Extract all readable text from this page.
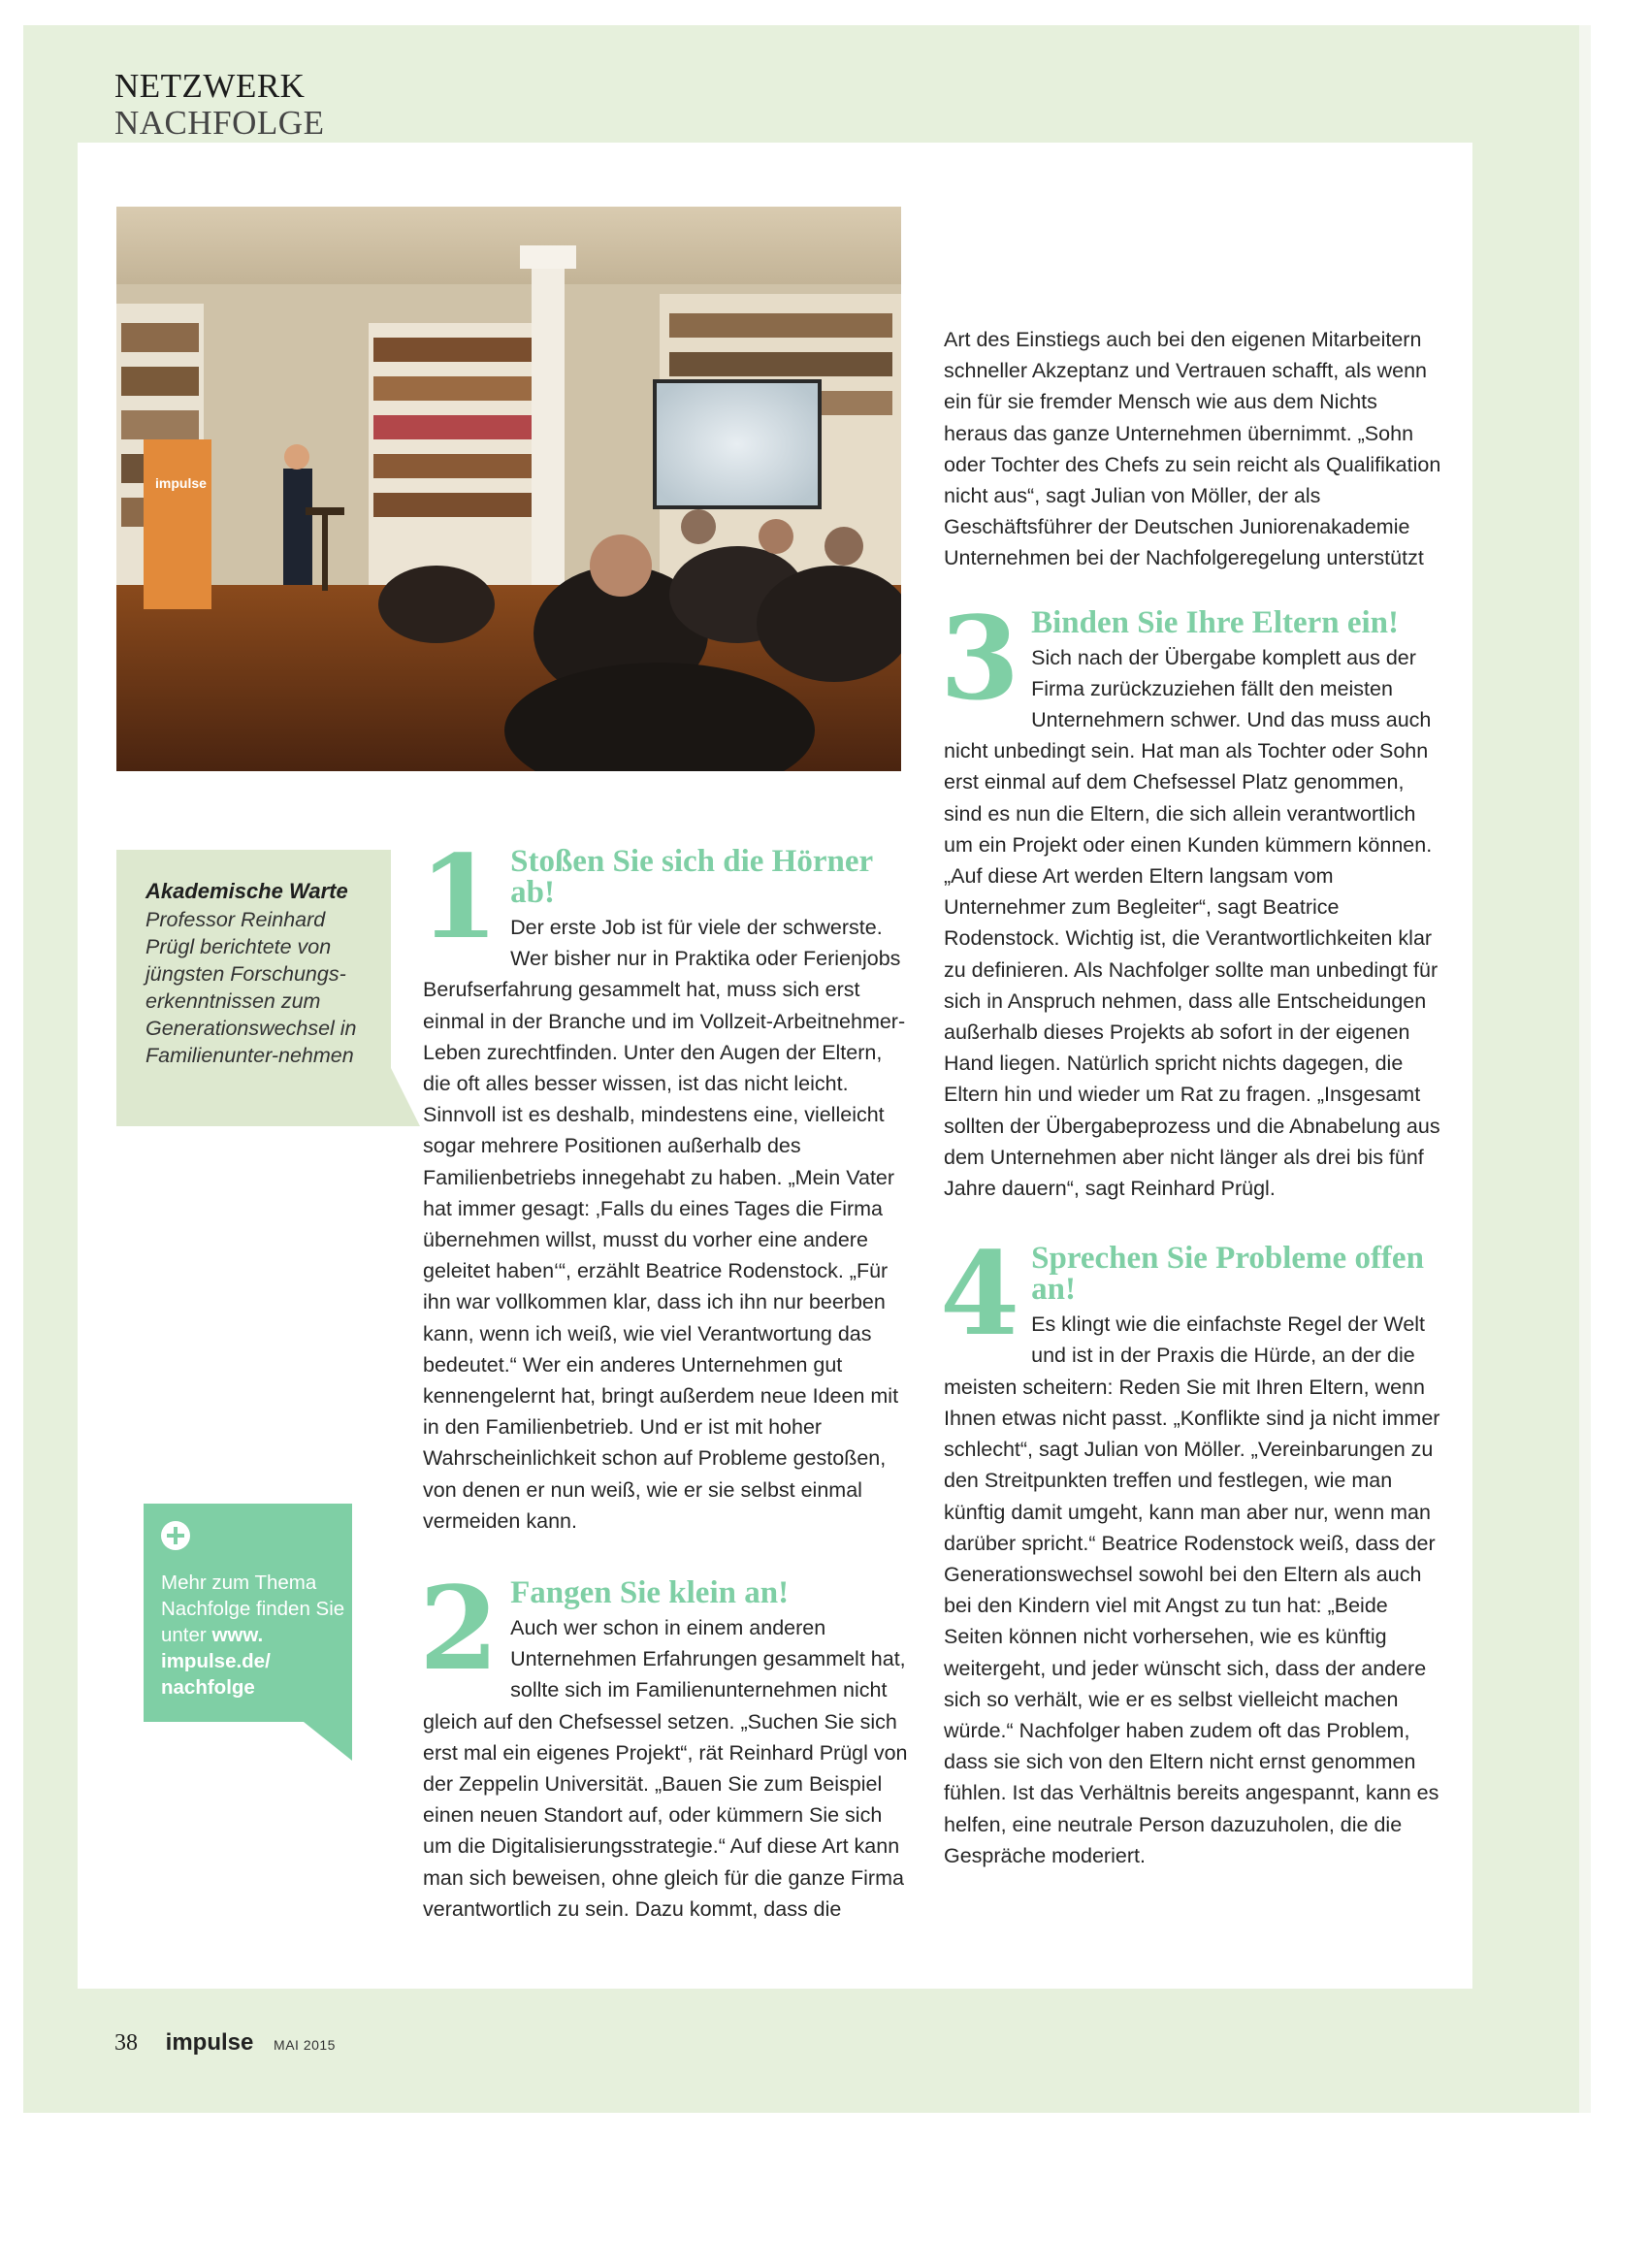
NETZWERK
NACHFOLGE
impulse
Akademische Warte
Professor Reinhard Prügl berichtete von jüngsten Forschungs-erkenntnissen zum Generationswechsel in Familienunter-nehmen
Mehr zum Thema Nachfolge finden Sie unter www. impulse.de/ nachfolge
1 Stoßen Sie sich die Hörner ab!

Der erste Job ist für viele der schwerste. Wer bisher nur in Praktika oder Ferienjobs Berufserfahrung gesammelt hat, muss sich erst einmal in der Branche und im Vollzeit-Arbeitnehmer-Leben zurechtfinden. Unter den Augen der Eltern, die oft alles besser wissen, ist das nicht leicht. Sinnvoll ist es deshalb, mindestens eine, vielleicht sogar mehrere Positionen außerhalb des Familienbetriebs innegehabt zu haben. „Mein Vater hat immer gesagt: ‚Falls du eines Tages die Firma übernehmen willst, musst du vorher eine andere geleitet haben‘“, erzählt Beatrice Rodenstock. „Für ihn war vollkommen klar, dass ich ihn nur beerben kann, wenn ich weiß, wie viel Verantwortung das bedeutet.“ Wer ein anderes Unternehmen gut kennengelernt hat, bringt außerdem neue Ideen mit in den Familienbetrieb. Und er ist mit hoher Wahrscheinlichkeit schon auf Probleme gestoßen, von denen er nun weiß, wie er sie selbst einmal vermeiden kann.

2 Fangen Sie klein an!

Auch wer schon in einem anderen Unternehmen Erfahrungen gesammelt hat, sollte sich im Familienunternehmen nicht gleich auf den Chefsessel setzen. „Suchen Sie sich erst mal ein eigenes Projekt“, rät Reinhard Prügl von der Zeppelin Universität. „Bauen Sie zum Beispiel einen neuen Standort auf, oder kümmern Sie sich um die Digitalisierungsstrategie.“ Auf diese Art kann man sich beweisen, ohne gleich für die ganze Firma verantwortlich zu sein. Dazu kommt, dass die

Art des Einstiegs auch bei den eigenen Mitarbeitern schneller Akzeptanz und Vertrauen schafft, als wenn ein für sie fremder Mensch wie aus dem Nichts heraus das ganze Unternehmen übernimmt. „Sohn oder Tochter des Chefs zu sein reicht als Qualifikation nicht aus“, sagt Julian von Möller, der als Geschäftsführer der Deutschen Juniorenakademie Unternehmen bei der Nachfolgeregelung unterstützt

3 Binden Sie Ihre Eltern ein!

Sich nach der Übergabe komplett aus der Firma zurückzuziehen fällt den meisten Unternehmern schwer. Und das muss auch nicht unbedingt sein. Hat man als Tochter oder Sohn erst einmal auf dem Chefsessel Platz genommen, sind es nun die Eltern, die sich allein verantwortlich um ein Projekt oder einen Kunden kümmern können. „Auf diese Art werden Eltern langsam vom Unternehmer zum Begleiter“, sagt Beatrice Rodenstock. Wichtig ist, die Verantwortlichkeiten klar zu definieren. Als Nachfolger sollte man unbedingt für sich in Anspruch nehmen, dass alle Entscheidungen außerhalb dieses Projekts ab sofort in der eigenen Hand liegen. Natürlich spricht nichts dagegen, die Eltern hin und wieder um Rat zu fragen. „Insgesamt sollten der Übergabeprozess und die Abnabelung aus dem Unternehmen aber nicht länger als drei bis fünf Jahre dauern“, sagt Reinhard Prügl.

4 Sprechen Sie Probleme offen an!

Es klingt wie die einfachste Regel der Welt und ist in der Praxis die Hürde, an der die meisten scheitern: Reden Sie mit Ihren Eltern, wenn Ihnen etwas nicht passt. „Konflikte sind ja nicht immer schlecht“, sagt Julian von Möller. „Vereinbarungen zu den Streitpunkten treffen und festlegen, wie man künftig damit umgeht, kann man aber nur, wenn man darüber spricht.“ Beatrice Rodenstock weiß, dass der Generationswechsel sowohl bei den Eltern als auch bei den Kindern viel mit Angst zu tun hat: „Beide Seiten können nicht vorhersehen, wie es künftig weitergeht, und jeder wünscht sich, dass der andere sich so verhält, wie er es selbst vielleicht machen würde.“ Nachfolger haben zudem oft das Problem, dass sie sich von den Eltern nicht ernst genommen fühlen. Ist das Verhältnis bereits angespannt, kann es helfen, eine neutrale Person dazuzuholen, die die Gespräche moderiert.

38 impulse MAI 2015
